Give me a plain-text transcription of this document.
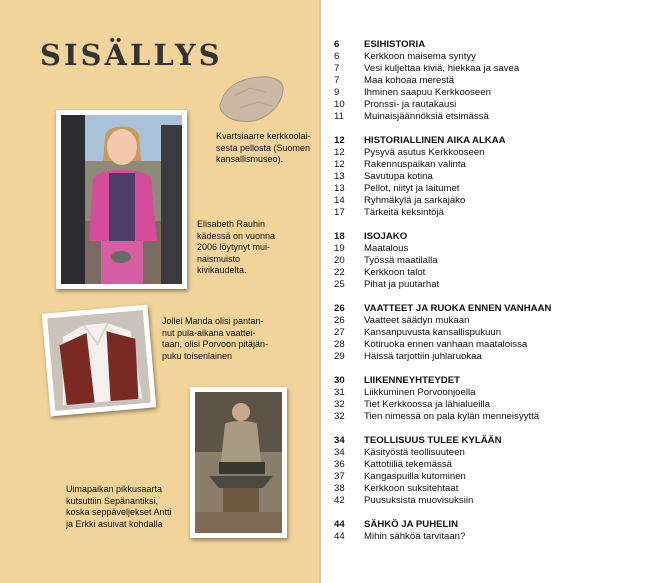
SISÄLLYS
Kvartsiaarre kerkkoolai-
sesta pellosta (Suomen
kansallismuseo).
Elisabeth Rauhin
kädessä on vuonna
2006 löytynyt mui-
naismuisto
kivikaudelta.
Jollei Manda olisi pantan-
nut pula-aikana vaattei-
taan, olisi Porvoon pitäjän-
puku toisenlainen
Uimapaikan pikkusaarta
kutsuttiin Sepänantiksi,
koska seppäveljekset Antti
ja Erkki asuivat kohdalla
6	ESIHISTORIA
6	Kerkkoon maisema syntyy
7	Vesi kuljettaa kiviä, hiekkaa ja savea
7	Maa kohoaa merestä
9	Ihminen saapuu Kerkkooseen
10 Pronssi- ja rautakausi
11 Muinaisjäännöksiä etsimässä
12 HISTORIALLINEN AIKA ALKAA
12 Pysyvä asutus Kerkkooseen
12 Rakennuspaikan valinta
13 Savutupa kotina
13 Pellot, niityt ja laitumet
14 Ryhmäkylä ja sarkajako
17 Tärkeitä keksintöjä
18 ISOJAKO
19 Maatalous
20 Työssä maatilalla
22 Kerkkoon talot
25 Pihat ja puutarhat
26 VAATTEET JA RUOKA ENNEN VANHAAN
26 Vaatteet säädyn mukaan
27 Kansanpuvusta kansallispukuun
28 Kotiruoka ennen vanhaan maataloissa
29 Häissä tarjottiin juhlaruokaa
30 LIIKENNEYHTEYDET
31 Liikkuminen Porvoonjoella
32 Tiet Kerkkoossa ja lähialueilla
32 Tien nimessä on pala kylän menneisyyttä
34 TEOLLISUUS TULEE KYLÄÄN
34 Käsityöstä teollisuuteen
36 Kattotiiliä tekemässä
37 Kangaspuilla kutominen
38 Kerkkoon suksitehtaat
42 Puusuksista muovisuksiin
44 SÄHKÖ JA PUHELIN
44 Mihin sähköä tarvitaan?
